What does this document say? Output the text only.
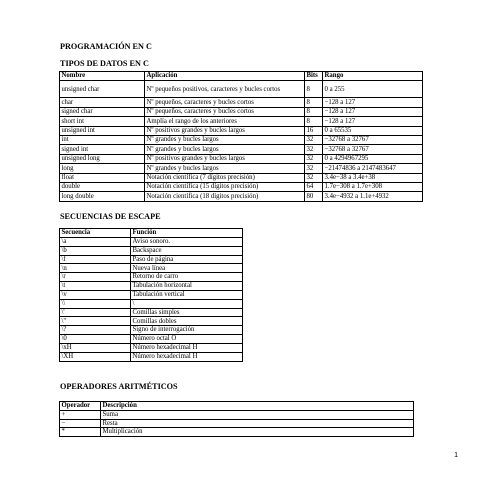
PROGRAMACIÓN EN C
TIPOS DE DATOS EN C
Nombre	Aplicación	Bits	Rango
unsigned char	Nº pequeños positivos, caracteres y bucles cortos	8	0 a 255
char	Nº pequeños, caracteres y bucles cortos	8	−128 a 127
signed char	Nº pequeños, caracteres y bucles cortos	8	−128 a 127
short int	Amplía el rango de los anteriores	8	−128 a 127
unsigned int	Nº positivos grandes y bucles largos	16	0 a 65535
int	Nº grandes y bucles largos	32	−32768 a 32767
signed int	Nº grandes y bucles largos	32	−32768 a 32767
unsigned long	Nº positivos grandes y bucles largos	32	0 a 4294967295
long	Nº grandes y bucles largos	32	−21474836 a 2147483647
float	Notación científica (7 dígitos precisión)	32	3.4e−38 a 3.4e+38
double	Notación científica (15 dígitos precisión)	64	1.7e−308 a 1.7e+308
long double	Notación científica (18 dígitos precisión)	80	3.4e−4932 a 1.1e+4932
SECUENCIAS DE ESCAPE
Secuencia	Función
\a	Aviso sonoro.
\b	Backspace
\f	Paso de página
\n	Nueva línea
\r	Retorno de carro
\t	Tabulación horizontal
\v	Tabulación vertical
\\	\
\'	Comillas simples
\"	Comillas dobles
\?	Signo de interrogación
\0	Número octal O
\xH	Número hexadecimal H
\XH	Número hexadecimal H
OPERADORES ARITMÉTICOS
Operador	Descripción
+	Suma
−	Resta
*	Multiplicación
1
